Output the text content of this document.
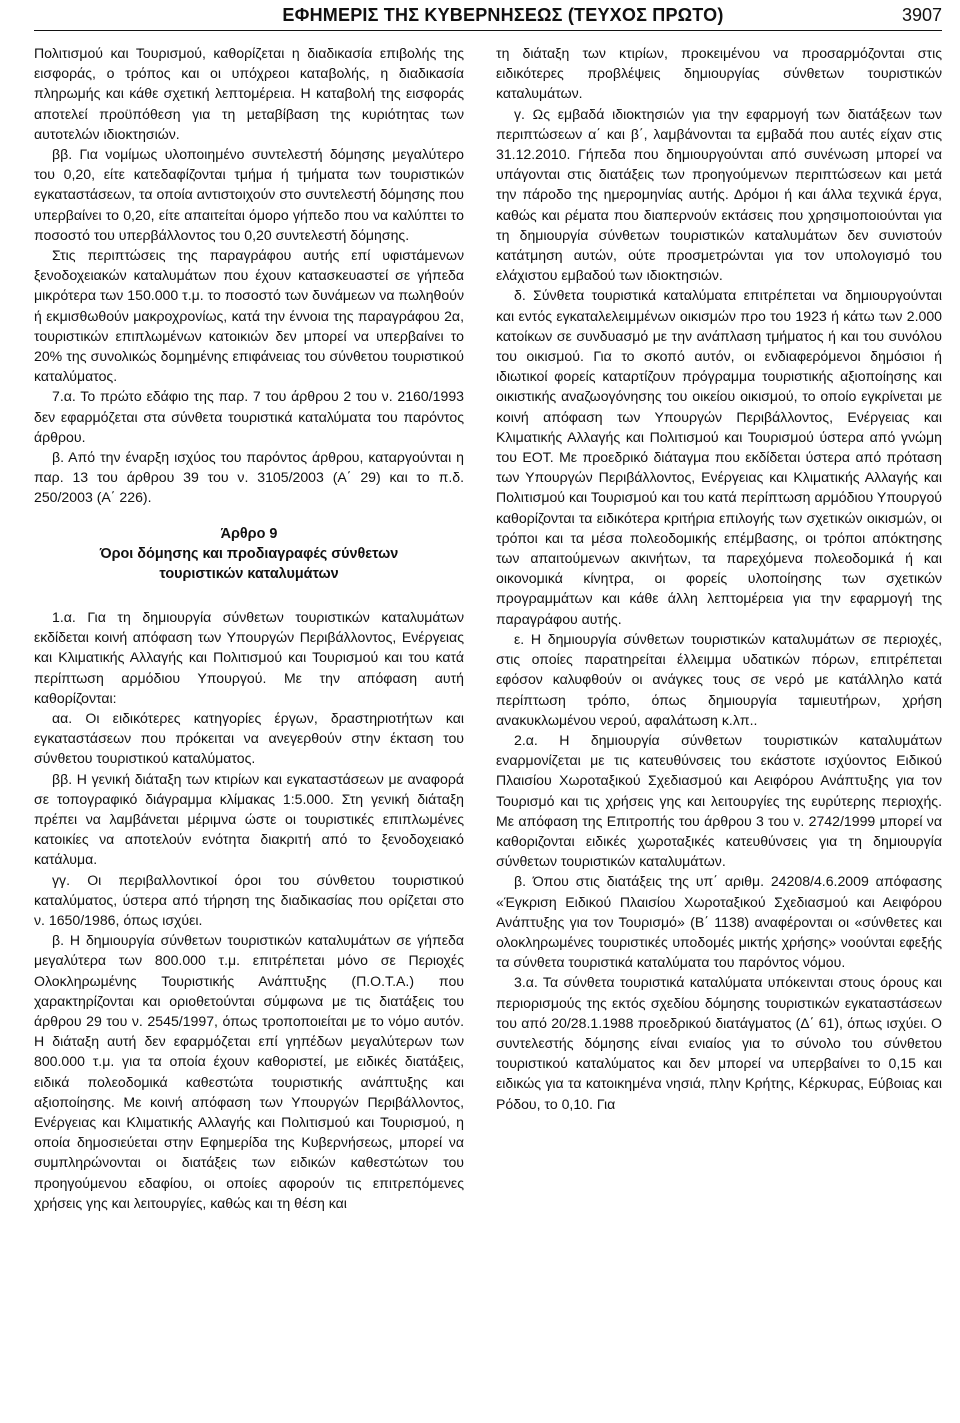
ΕΦΗΜΕΡΙΣ ΤΗΣ ΚΥΒΕΡΝΗΣΕΩΣ (ΤΕΥΧΟΣ ΠΡΩΤΟ)	3907

Πολιτισμού και Τουρισμού, καθορίζεται η διαδικασία επιβολής της εισφοράς, ο τρόπος και οι υπόχρεοι καταβολής, η διαδικασία πληρωμής και κάθε σχετική λεπτομέρεια. Η καταβολή της εισφοράς αποτελεί προϋπόθεση για τη μεταβίβαση της κυριότητας των αυτοτελών ιδιοκτησιών.

ββ. Για νομίμως υλοποιημένο συντελεστή δόμησης μεγαλύτερο του 0,20, είτε κατεδαφίζονται τμήμα ή τμήματα των τουριστικών εγκαταστάσεων, τα οποία αντιστοιχούν στο συντελεστή δόμησης που υπερβαίνει το 0,20, είτε απαιτείται όμορο γήπεδο που να καλύπτει το ποσοστό του υπερβάλλοντος του 0,20 συντελεστή δόμησης.

Στις περιπτώσεις της παραγράφου αυτής επί υφιστάμενων ξενοδοχειακών καταλυμάτων που έχουν κατασκευαστεί σε γήπεδα μικρότερα των 150.000 τ.μ. το ποσοστό των δυνάμεων να πωληθούν ή εκμισθωθούν μακροχρονίως, κατά την έννοια της παραγράφου 2α, τουριστικών επιπλωμένων κατοικιών δεν μπορεί να υπερβαίνει το 20% της συνολικώς δομημένης επιφάνειας του σύνθετου τουριστικού καταλύματος.

7.α. Το πρώτο εδάφιο της παρ. 7 του άρθρου 2 του ν. 2160/1993 δεν εφαρμόζεται στα σύνθετα τουριστικά καταλύματα του παρόντος άρθρου.

β. Από την έναρξη ισχύος του παρόντος άρθρου, καταργούνται η παρ. 13 του άρθρου 39 του ν. 3105/2003 (Α΄ 29) και το π.δ. 250/2003 (Α΄ 226).

Άρθρο 9

Όροι δόμησης και προδιαγραφές σύνθετων

τουριστικών καταλυμάτων

1.α. Για τη δημιουργία σύνθετων τουριστικών καταλυμάτων εκδίδεται κοινή απόφαση των Υπουργών Περιβάλλοντος, Ενέργειας και Κλιματικής Αλλαγής και Πολιτισμού και Τουρισμού και του κατά περίπτωση αρμόδιου Υπουργού. Με την απόφαση αυτή καθορίζονται:

αα. Οι ειδικότερες κατηγορίες έργων, δραστηριοτήτων και εγκαταστάσεων που πρόκειται να ανεγερθούν στην έκταση του σύνθετου τουριστικού καταλύματος.

ββ. Η γενική διάταξη των κτιρίων και εγκαταστάσεων με αναφορά σε τοπογραφικό διάγραμμα κλίμακας 1:5.000. Στη γενική διάταξη πρέπει να λαμβάνεται μέριμνα ώστε οι τουριστικές επιπλωμένες κατοικίες να αποτελούν ενότητα διακριτή από το ξενοδοχειακό κατάλυμα.

γγ. Οι περιβαλλοντικοί όροι του σύνθετου τουριστικού καταλύματος, ύστερα από τήρηση της διαδικασίας που ορίζεται στο ν. 1650/1986, όπως ισχύει.

β. Η δημιουργία σύνθετων τουριστικών καταλυμάτων σε γήπεδα μεγαλύτερα των 800.000 τ.μ. επιτρέπεται μόνο σε Περιοχές Ολοκληρωμένης Τουριστικής Ανάπτυξης (Π.Ο.Τ.Α.) που χαρακτηρίζονται και οριοθετούνται σύμφωνα με τις διατάξεις του άρθρου 29 του ν. 2545/1997, όπως τροποποιείται με το νόμο αυτόν. Η διάταξη αυτή δεν εφαρμόζεται επί γηπέδων μεγαλύτερων των 800.000 τ.μ. για τα οποία έχουν καθοριστεί, με ειδικές διατάξεις, ειδικά πολεοδομικά καθεστώτα τουριστικής ανάπτυξης και αξιοποίησης. Με κοινή απόφαση των Υπουργών Περιβάλλοντος, Ενέργειας και Κλιματικής Αλλαγής και Πολιτισμού και Τουρισμού, η οποία δημοσιεύεται στην Εφημερίδα της Κυβερνήσεως, μπορεί να συμπληρώνονται οι διατάξεις των ειδικών καθεστώτων του προηγούμενου εδαφίου, οι οποίες αφορούν τις επιτρεπόμενες χρήσεις γης και λειτουργίες, καθώς και τη θέση και

τη διάταξη των κτιρίων, προκειμένου να προσαρμόζονται στις ειδικότερες προβλέψεις δημιουργίας σύνθετων τουριστικών καταλυμάτων.

γ. Ως εμβαδά ιδιοκτησιών για την εφαρμογή των διατάξεων των περιπτώσεων α΄ και β΄, λαμβάνονται τα εμβαδά που αυτές είχαν στις 31.12.2010. Γήπεδα που δημιουργούνται από συνένωση μπορεί να υπάγονται στις διατάξεις των προηγούμενων περιπτώσεων και μετά την πάροδο της ημερομηνίας αυτής. Δρόμοι ή και άλλα τεχνικά έργα, καθώς και ρέματα που διαπερνούν εκτάσεις που χρησιμοποιούνται για τη δημιουργία σύνθετων τουριστικών καταλυμάτων δεν συνιστούν κατάτμηση αυτών, ούτε προσμετρώνται για τον υπολογισμό του ελάχιστου εμβαδού των ιδιοκτησιών.

δ. Σύνθετα τουριστικά καταλύματα επιτρέπεται να δημιουργούνται και εντός εγκαταλελειμμένων οικισμών προ του 1923 ή κάτω των 2.000 κατοίκων σε συνδυασμό με την ανάπλαση τμήματος ή και του συνόλου του οικισμού. Για το σκοπό αυτόν, οι ενδιαφερόμενοι δημόσιοι ή ιδιωτικοί φορείς καταρτίζουν πρόγραμμα τουριστικής αξιοποίησης και οικιστικής αναζωογόνησης του οικείου οικισμού, το οποίο εγκρίνεται με κοινή απόφαση των Υπουργών Περιβάλλοντος, Ενέργειας και Κλιματικής Αλλαγής και Πολιτισμού και Τουρισμού ύστερα από γνώμη του ΕΟΤ. Με προεδρικό διάταγμα που εκδίδεται ύστερα από πρόταση των Υπουργών Περιβάλλοντος, Ενέργειας και Κλιματικής Αλλαγής και Πολιτισμού και Τουρισμού και του κατά περίπτωση αρμόδιου Υπουργού καθορίζονται τα ειδικότερα κριτήρια επιλογής των σχετικών οικισμών, οι τρόποι και τα μέσα πολεοδομικής επέμβασης, οι τρόποι απόκτησης των απαιτούμενων ακινήτων, τα παρεχόμενα πολεοδομικά ή και οικονομικά κίνητρα, οι φορείς υλοποίησης των σχετικών προγραμμάτων και κάθε άλλη λεπτομέρεια για την εφαρμογή της παραγράφου αυτής.

ε. Η δημιουργία σύνθετων τουριστικών καταλυμάτων σε περιοχές, στις οποίες παρατηρείται έλλειμμα υδατικών πόρων, επιτρέπεται εφόσον καλυφθούν οι ανάγκες τους σε νερό με κατάλληλο κατά περίπτωση τρόπο, όπως δημιουργία ταμιευτήρων, χρήση ανακυκλωμένου νερού, αφαλάτωση κ.λπ..

2.α. Η δημιουργία σύνθετων τουριστικών καταλυμάτων εναρμονίζεται με τις κατευθύνσεις του εκάστοτε ισχύοντος Ειδικού Πλαισίου Χωροταξικού Σχεδιασμού και Αειφόρου Ανάπτυξης για τον Τουρισμό και τις χρήσεις γης και λειτουργίες της ευρύτερης περιοχής. Με απόφαση της Επιτροπής του άρθρου 3 του ν. 2742/1999 μπορεί να καθοριζονται ειδικές χωροταξικές κατευθύνσεις για τη δημιουργία σύνθετων τουριστικών καταλυμάτων.

β. Όπου στις διατάξεις της υπ΄ αριθμ. 24208/4.6.2009 απόφασης «Έγκριση Ειδικού Πλαισίου Χωροταξικού Σχεδιασμού και Αειφόρου Ανάπτυξης για τον Τουρισμό» (Β΄ 1138) αναφέρονται οι «σύνθετες και ολοκληρωμένες τουριστικές υποδομές μικτής χρήσης» νοούνται εφεξής τα σύνθετα τουριστικά καταλύματα του παρόντος νόμου.

3.α. Τα σύνθετα τουριστικά καταλύματα υπόκεινται στους όρους και περιορισμούς της εκτός σχεδίου δόμησης τουριστικών εγκαταστάσεων του από 20/28.1.1988 προεδρικού διατάγματος (Δ΄ 61), όπως ισχύει. Ο συντελεστής δόμησης είναι ενιαίος για το σύνολο του σύνθετου τουριστικού καταλύματος και δεν μπορεί να υπερβαίνει το 0,15 και ειδικώς για τα κατοικημένα νησιά, πλην Κρήτης, Κέρκυρας, Εύβοιας και Ρόδου, το 0,10. Για
